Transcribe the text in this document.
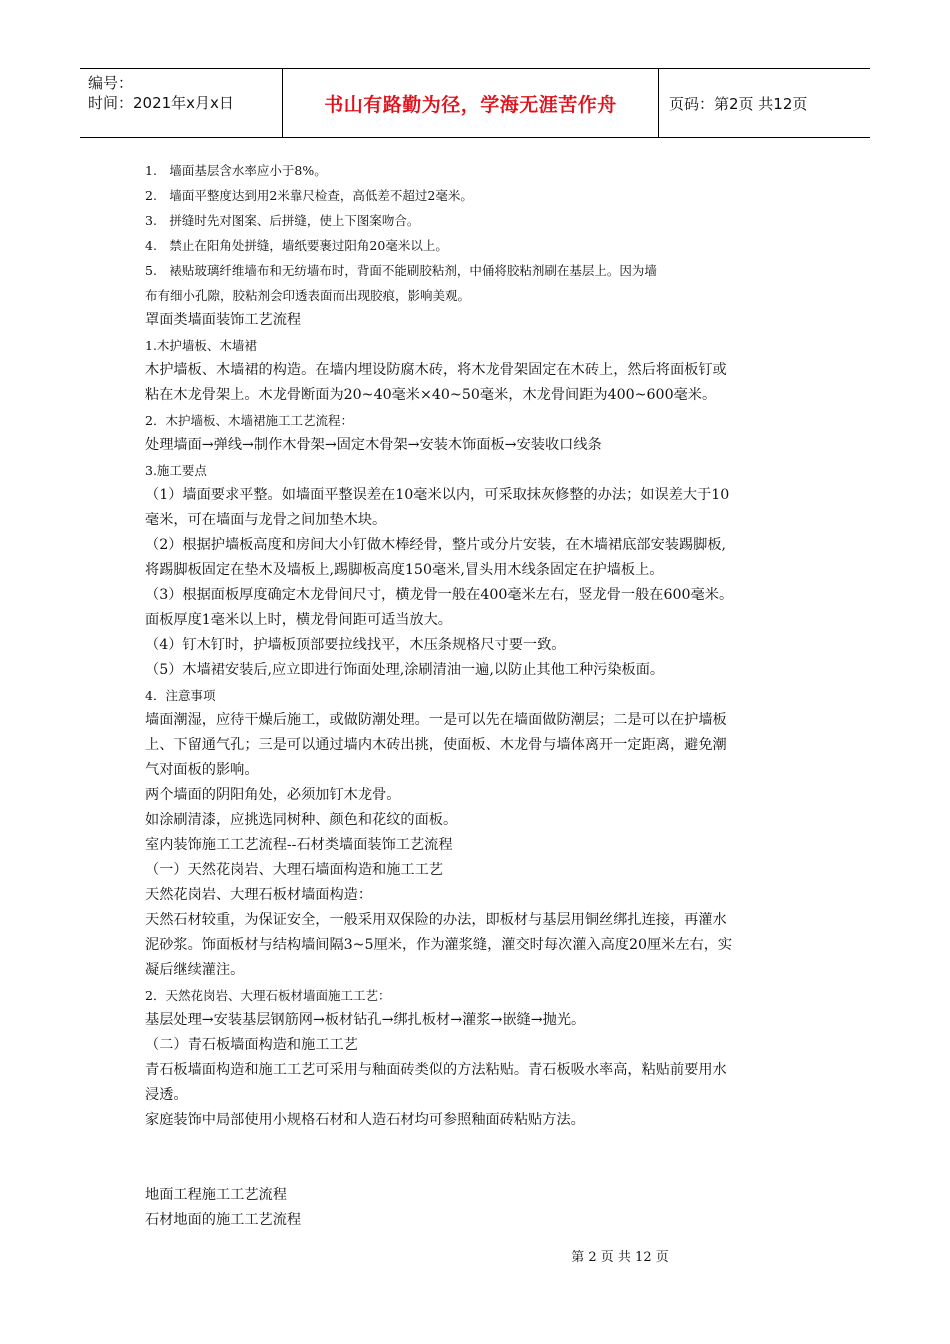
编号：
时间：2021年x月x日	书山有路勤为径，学海无涯苦作舟	页码：第2页 共12页
1.　墙面基层含水率应小于8%。
2.　墙面平整度达到用2米靠尺检查，高低差不超过2毫米。
3.　拼缝时先对图案、后拼缝，使上下图案吻合。
4.　禁止在阳角处拼缝，墙纸要裹过阳角20毫米以上。
5.　裱贴玻璃纤维墙布和无纺墙布时，背面不能刷胶粘剂，中俑将胶粘剂刷在基层上。因为墙
布有细小孔隙，胶粘剂会印透表面而出现胶痕，影响美观。
罩面类墙面装饰工艺流程
1.木护墙板、木墙裙
木护墙板、木墙裙的构造。在墙内埋设防腐木砖，将木龙骨架固定在木砖上，然后将面板钉或
粘在木龙骨架上。木龙骨断面为20~40毫米×40~50毫米，木龙骨间距为400~600毫米。
2．木护墙板、木墙裙施工工艺流程：
处理墙面→弹线→制作木骨架→固定木骨架→安装木饰面板→安装收口线条
3.施工要点
（1）墙面要求平整。如墙面平整误差在10毫米以内，可采取抹灰修整的办法；如误差大于10
毫米，可在墙面与龙骨之间加垫木块。
（2）根据护墙板高度和房间大小钉做木棒经骨，整片或分片安装，在木墙裙底部安装踢脚板,
将踢脚板固定在垫木及墙板上,踢脚板高度150毫米,冒头用木线条固定在护墙板上。
（3）根据面板厚度确定木龙骨间尺寸，横龙骨一般在400毫米左右，竖龙骨一般在600毫米。
面板厚度1毫米以上时，横龙骨间距可适当放大。
（4）钉木钉时，护墙板顶部要拉线找平，木压条规格尺寸要一致。
（5）木墙裙安装后,应立即进行饰面处理,涂刷清油一遍,以防止其他工种污染板面。
4．注意事项
墙面潮湿，应待干燥后施工，或做防潮处理。一是可以先在墙面做防潮层；二是可以在护墙板
上、下留通气孔；三是可以通过墙内木砖出挑，使面板、木龙骨与墙体离开一定距离，避免潮
气对面板的影响。
两个墙面的阴阳角处，必须加钉木龙骨。
如涂刷清漆，应挑选同树种、颜色和花纹的面板。
室内装饰施工工艺流程--石材类墙面装饰工艺流程
（一）天然花岗岩、大理石墙面构造和施工工艺
天然花岗岩、大理石板材墙面构造：
天然石材较重，为保证安全，一般采用双保险的办法，即板材与基层用铜丝绑扎连接，再灌水
泥砂浆。饰面板材与结构墙间隔3~5厘米，作为灌浆缝，灌交时每次灌入高度20厘米左右，实
凝后继续灌注。
2．天然花岗岩、大理石板材墙面施工工艺：
基层处理→安装基层钢筋网→板材钻孔→绑扎板材→灌浆→嵌缝→抛光。
（二）青石板墙面构造和施工工艺
青石板墙面构造和施工工艺可采用与釉面砖类似的方法粘贴。青石板吸水率高，粘贴前要用水
浸透。
家庭装饰中局部使用小规格石材和人造石材均可参照釉面砖粘贴方法。
地面工程施工工艺流程
石材地面的施工工艺流程
第 2 页 共 12 页
